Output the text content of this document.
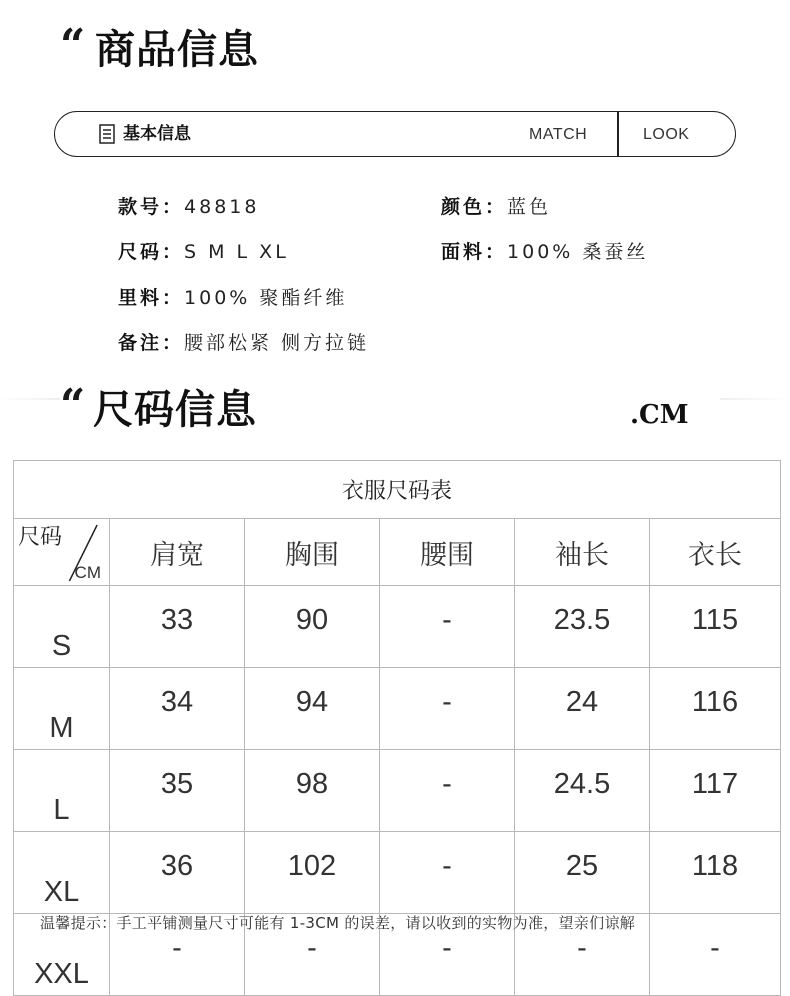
“ 商品信息
基本信息	MATCH	LOOK
款号：48818	颜色：蓝色
尺码：S M L XL	面料：100% 桑蚕丝
里料：100% 聚酯纤维
备注：腰部松紧 侧方拉链
“ 尺码信息	.CM
衣服尺码表					

尺码
CM	肩宽	胸围	腰围	袖长	衣长
S	33	90	-	23.5	115
M	34	94	-	24	116
L	35	98	-	24.5	117
XL	36	102	-	25	118
XXL	-	-	-	-	-
温馨提示：手工平铺测量尺寸可能有 1-3CM 的误差，请以收到的实物为准，望亲们谅解
